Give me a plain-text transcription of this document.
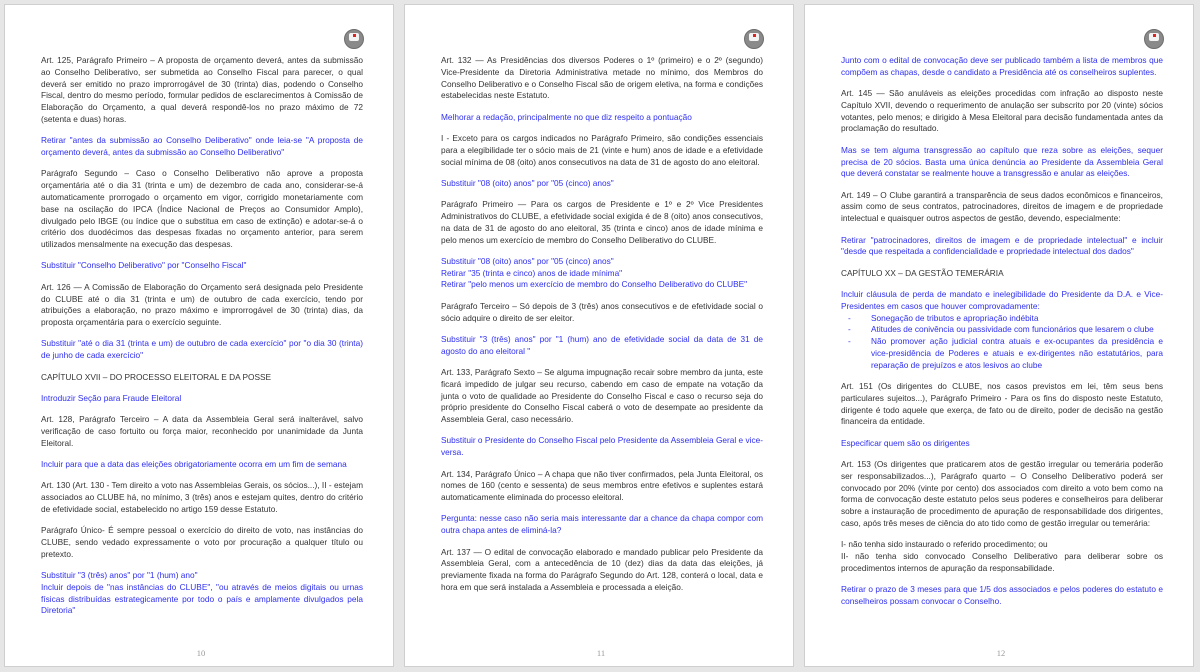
Art. 125, Parágrafo Primeiro – A proposta de orçamento deverá, antes da submissão ao Conselho Deliberativo, ser submetida ao Conselho Fiscal para parecer, o qual deverá ser emitido no prazo improrrogável de 30 (trinta) dias, podendo o Conselho Fiscal, dentro do mesmo período, formular pedidos de esclarecimentos à Comissão de Elaboração do Orçamento, a qual deverá respondê-los no prazo máximo de 72 (setenta e duas) horas.

Retirar "antes da submissão ao Conselho Deliberativo" onde leia-se "A proposta de orçamento deverá, antes da submissão ao Conselho Deliberativo"

Parágrafo Segundo – Caso o Conselho Deliberativo não aprove a proposta orçamentária até o dia 31 (trinta e um) de dezembro de cada ano, considerar-se-á automaticamente prorrogado o orçamento em vigor, corrigido monetariamente com base na oscilação do IPCA (Índice Nacional de Preços ao Consumidor Amplo), divulgado pelo IBGE (ou índice que o substitua em caso de extinção) e adotar-se-á o critério dos duodécimos das despesas fixadas no orçamento anterior, para serem utilizados mensalmente na execução das despesas.

Substituir "Conselho Deliberativo" por "Conselho Fiscal"

Art. 126 — A Comissão de Elaboração do Orçamento será designada pelo Presidente do CLUBE até o dia 31 (trinta e um) de outubro de cada exercício, tendo por atribuições a elaboração, no prazo máximo e improrrogável de 30 (trinta) dias, da proposta orçamentária para o exercício seguinte.

Substituir "até o dia 31 (trinta e um) de outubro de cada exercício" por "o dia 30 (trinta) de junho de cada exercício"

CAPÍTULO XVII – DO PROCESSO ELEITORAL E DA POSSE

Introduzir Seção para Fraude Eleitoral

Art. 128, Parágrafo Terceiro – A data da Assembleia Geral será inalterável, salvo verificação de caso fortuito ou força maior, reconhecido por unanimidade da Junta Eleitoral.

Incluir para que a data das eleições obrigatoriamente ocorra em um fim de semana

Art. 130 (Art. 130 - Tem direito a voto nas Assembleias Gerais, os sócios...), II - estejam associados ao CLUBE há, no mínimo, 3 (três) anos e estejam quites, dentro do critério de efetividade social, estabelecido no artigo 159 desse Estatuto.

Parágrafo Único- É sempre pessoal o exercício do direito de voto, nas instâncias do CLUBE, sendo vedado expressamente o voto por procuração a qualquer título ou pretexto.

Substituir "3 (três) anos" por "1 (hum) ano"
Incluir depois de "nas instâncias do CLUBE", "ou através de meios digitais ou urnas físicas distribuídas estrategicamente por todo o país e amplamente divulgados pela Diretoria"

10

Art. 132 — As Presidências dos diversos Poderes o 1º (primeiro) e o 2º (segundo) Vice-Presidente da Diretoria Administrativa metade no mínimo, dos Membros do Conselho Deliberativo e o Conselho Fiscal são de origem eletiva, na forma e condições estabelecidas neste Estatuto.

Melhorar a redação, principalmente no que diz respeito a pontuação

I - Exceto para os cargos indicados no Parágrafo Primeiro, são condições essenciais para a elegibilidade ter o sócio mais de 21 (vinte e hum) anos de idade e a efetividade social mínima de 08 (oito) anos consecutivos na data de 31 de agosto do ano eleitoral.

Substituir "08 (oito) anos" por "05 (cinco) anos"

Parágrafo Primeiro — Para os cargos de Presidente e 1º e 2º Vice Presidentes Administrativos do CLUBE, a efetividade social exigida é de 8 (oito) anos consecutivos, na data de 31 de agosto do ano eleitoral, 35 (trinta e cinco) anos de idade mínima e pelo menos um exercício de membro do Conselho Deliberativo do CLUBE.

Substituir "08 (oito) anos" por "05 (cinco) anos"
Retirar "35 (trinta e cinco) anos de idade mínima"
Retirar "pelo menos um exercício de membro do Conselho Deliberativo do CLUBE"

Parágrafo Terceiro – Só depois de 3 (três) anos consecutivos e de efetividade social o sócio adquire o direito de ser eleitor.

Substituir "3 (três) anos" por "1 (hum) ano de efetividade social da data de 31 de agosto do ano eleitoral "

Art. 133, Parágrafo Sexto – Se alguma impugnação recair sobre membro da junta, este ficará impedido de julgar seu recurso, cabendo em caso de empate na votação da junta o voto de qualidade ao Presidente do Conselho Fiscal e caso o recurso seja do próprio presidente do Conselho Fiscal caberá o voto de desempate ao presidente da Assembleia Geral, caso necessário.

Substituir o Presidente do Conselho Fiscal pelo Presidente da Assembleia Geral e vice-versa.

Art. 134, Parágrafo Único – A chapa que não tiver confirmados, pela Junta Eleitoral, os nomes de 160 (cento e sessenta) de seus membros entre efetivos e suplentes estará automaticamente eliminada do processo eleitoral.

Pergunta: nesse caso não seria mais interessante dar a chance da chapa compor com outra chapa antes de eliminá-la?

Art. 137 — O edital de convocação elaborado e mandado publicar pelo Presidente da Assembleia Geral, com a antecedência de 10 (dez) dias da data das eleições, já previamente fixada na forma do Parágrafo Segundo do Art. 128, conterá o local, data e hora em que será instalada a Assembleia e processada a eleição.

11

Junto com o edital de convocação deve ser publicado também a lista de membros que compõem as chapas, desde o candidato a Presidência até os conselheiros suplentes.

Art. 145 — São anuláveis as eleições procedidas com infração ao disposto neste Capítulo XVII, devendo o requerimento de anulação ser subscrito por 20 (vinte) sócios votantes, pelo menos; e dirigido à Mesa Eleitoral para decisão fundamentada antes da proclamação do resultado.

Mas se tem alguma transgressão ao capítulo que reza sobre as eleições, sequer precisa de 20 sócios. Basta uma única denúncia ao Presidente da Assembleia Geral que deverá constatar se realmente houve a transgressão e anular as eleições.

Art. 149 – O Clube garantirá a transparência de seus dados econômicos e financeiros, assim como de seus contratos, patrocinadores, direitos de imagem e de propriedade intelectual e quaisquer outros aspectos de gestão, devendo, especialmente:

Retirar "patrocinadores, direitos de imagem e de propriedade intelectual" e incluir "desde que respeitada a confidencialidade e propriedade intelectual dos dados"

CAPÍTULO XX – DA GESTÃO TEMERÁRIA

Incluir cláusula de perda de mandato e inelegibilidade do Presidente da D.A. e Vice-Presidentes em casos que houver comprovadamente:

- Sonegação de tributos e apropriação indébita
- Atitudes de conivência ou passividade com funcionários que lesarem o clube
- Não promover ação judicial contra atuais e ex-ocupantes da presidência e vice-presidência de Poderes e atuais e ex-dirigentes não estatutários, para reparação de prejuízos e atos lesivos ao clube

Art. 151 (Os dirigentes do CLUBE, nos casos previstos em lei, têm seus bens particulares sujeitos...), Parágrafo Primeiro - Para os fins do disposto neste Estatuto, dirigente é todo aquele que exerça, de fato ou de direito, poder de decisão na gestão financeira da entidade.

Especificar quem são os dirigentes

Art. 153 (Os dirigentes que praticarem atos de gestão irregular ou temerária poderão ser responsabilizados...), Parágrafo quarto – O Conselho Deliberativo poderá ser convocado por 20% (vinte por cento) dos associados com direito a voto bem como na forma de convocação deste estatuto pelos seus poderes e conselheiros para deliberar sobre a instauração de procedimento de apuração de responsabilidade dos dirigentes, caso, após três meses de ciência do ato tido como de gestão irregular ou temerária:

I- não tenha sido instaurado o referido procedimento; ou
II- não tenha sido convocado Conselho Deliberativo para deliberar sobre os procedimentos internos de apuração da responsabilidade.

Retirar o prazo de 3 meses para que 1/5 dos associados e pelos poderes do estatuto e conselheiros possam convocar o Conselho.

12
